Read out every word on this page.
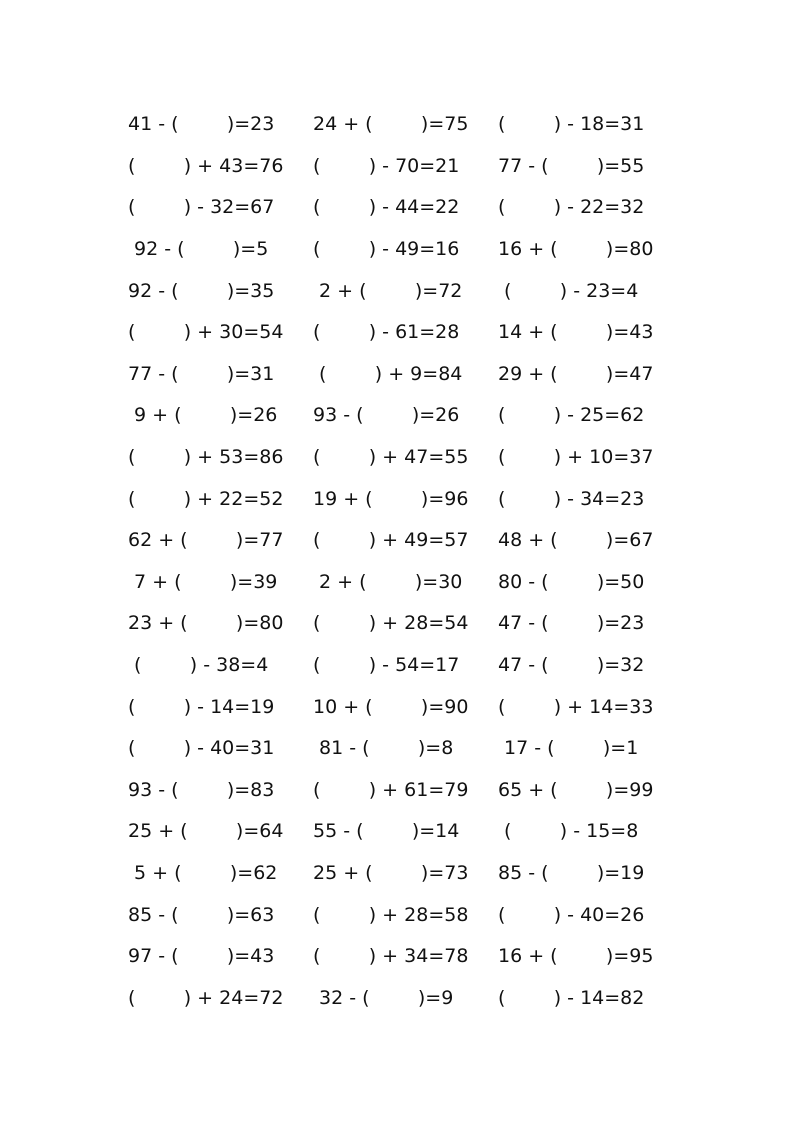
41 - (        )=23	24 + (        )=75	(        ) - 18=31
(        ) + 43=76	(        ) - 70=21	77 - (        )=55
(        ) - 32=67	(        ) - 44=22	(        ) - 22=32
92 - (        )=5	(        ) - 49=16	16 + (        )=80
92 - (        )=35	2 + (        )=72	(        ) - 23=4
(        ) + 30=54	(        ) - 61=28	14 + (        )=43
77 - (        )=31	(        ) + 9=84	29 + (        )=47
9 + (        )=26	93 - (        )=26	(        ) - 25=62
(        ) + 53=86	(        ) + 47=55	(        ) + 10=37
(        ) + 22=52	19 + (        )=96	(        ) - 34=23
62 + (        )=77	(        ) + 49=57	48 + (        )=67
7 + (        )=39	2 + (        )=30	80 - (        )=50
23 + (        )=80	(        ) + 28=54	47 - (        )=23
(        ) - 38=4	(        ) - 54=17	47 - (        )=32
(        ) - 14=19	10 + (        )=90	(        ) + 14=33
(        ) - 40=31	81 - (        )=8	17 - (        )=1
93 - (        )=83	(        ) + 61=79	65 + (        )=99
25 + (        )=64	55 - (        )=14	(        ) - 15=8
5 + (        )=62	25 + (        )=73	85 - (        )=19
85 - (        )=63	(        ) + 28=58	(        ) - 40=26
97 - (        )=43	(        ) + 34=78	16 + (        )=95
(        ) + 24=72	32 - (        )=9	(        ) - 14=82
